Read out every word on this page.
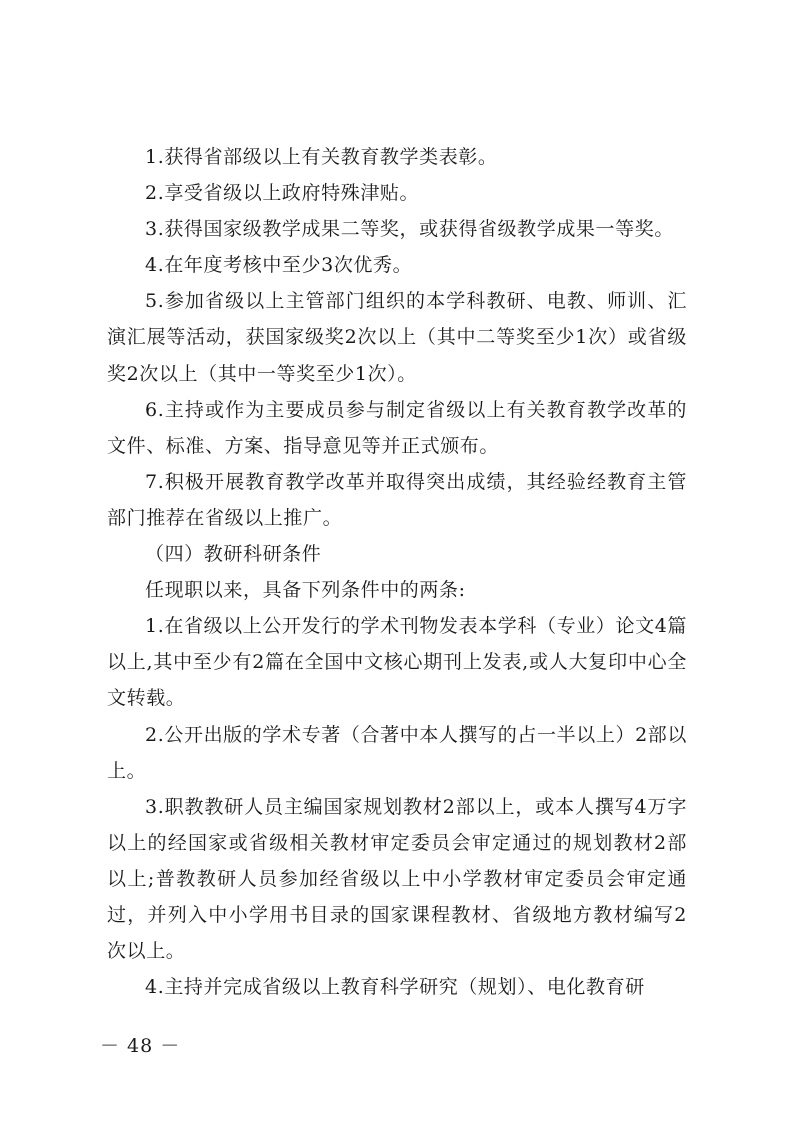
1.获得省部级以上有关教育教学类表彰。

2.享受省级以上政府特殊津贴。

3.获得国家级教学成果二等奖，或获得省级教学成果一等奖。

4.在年度考核中至少3次优秀。

5.参加省级以上主管部门组织的本学科教研、电教、师训、汇演汇展等活动，获国家级奖2次以上（其中二等奖至少1次）或省级奖2次以上（其中一等奖至少1次）。

6.主持或作为主要成员参与制定省级以上有关教育教学改革的文件、标准、方案、指导意见等并正式颁布。

7.积极开展教育教学改革并取得突出成绩，其经验经教育主管部门推荐在省级以上推广。

（四）教研科研条件

任现职以来，具备下列条件中的两条:

1.在省级以上公开发行的学术刊物发表本学科（专业）论文4篇以上,其中至少有2篇在全国中文核心期刊上发表,或人大复印中心全文转载。

2.公开出版的学术专著（合著中本人撰写的占一半以上）2部以上。

3.职教教研人员主编国家规划教材2部以上，或本人撰写4万字以上的经国家或省级相关教材审定委员会审定通过的规划教材2部以上;普教教研人员参加经省级以上中小学教材审定委员会审定通过，并列入中小学用书目录的国家课程教材、省级地方教材编写2次以上。

4.主持并完成省级以上教育科学研究（规划）、电化教育研

－ 48 －
